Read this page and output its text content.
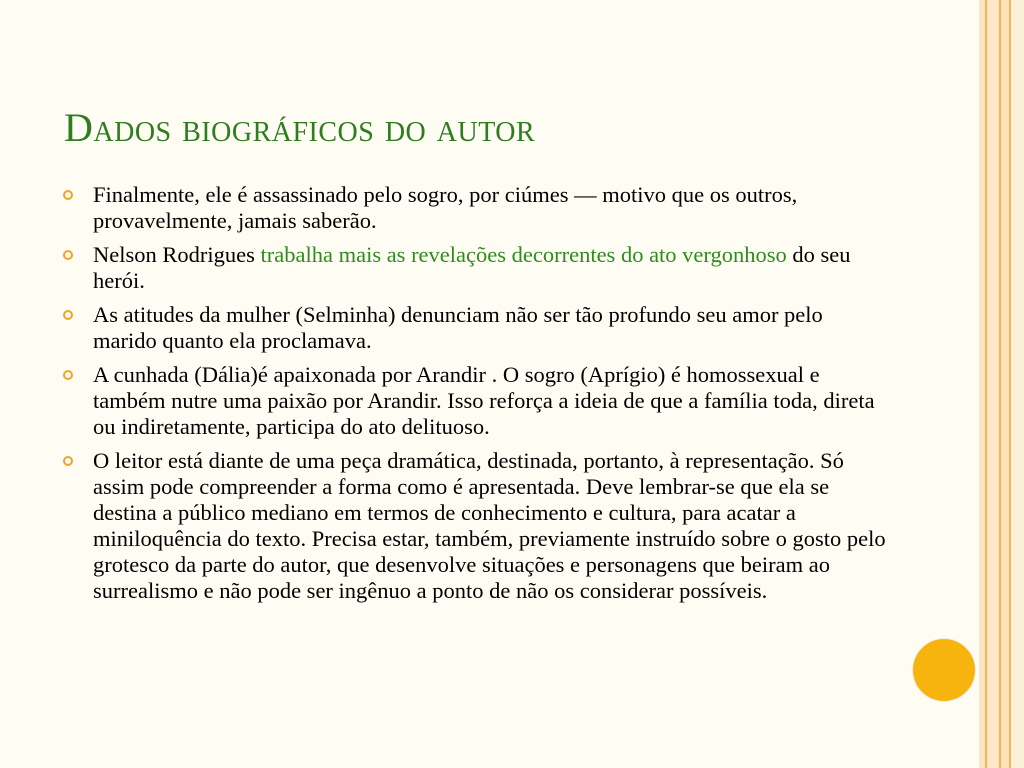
Dados biográficos do autor
Finalmente, ele é assassinado pelo sogro, por ciúmes — motivo que os outros, provavelmente, jamais saberão.
Nelson Rodrigues trabalha mais as revelações decorrentes do ato vergonhoso do seu herói.
As atitudes da mulher (Selminha) denunciam não ser tão profundo seu amor pelo marido quanto ela proclamava.
A cunhada (Dália)é apaixonada por Arandir . O sogro (Aprígio) é homossexual e também nutre uma paixão por Arandir. Isso reforça a ideia de que a família toda, direta ou indiretamente, participa do ato delituoso.
O leitor está diante de uma peça dramática, destinada, portanto, à representação. Só assim pode compreender a forma como é apresentada. Deve lembrar-se que ela se destina a público mediano em termos de conhecimento e cultura, para acatar a miniloquência do texto. Precisa estar, também, previamente instruído sobre o gosto pelo grotesco da parte do autor, que desenvolve situações e personagens que beiram ao surrealismo e não pode ser ingênuo a ponto de não os considerar possíveis.
